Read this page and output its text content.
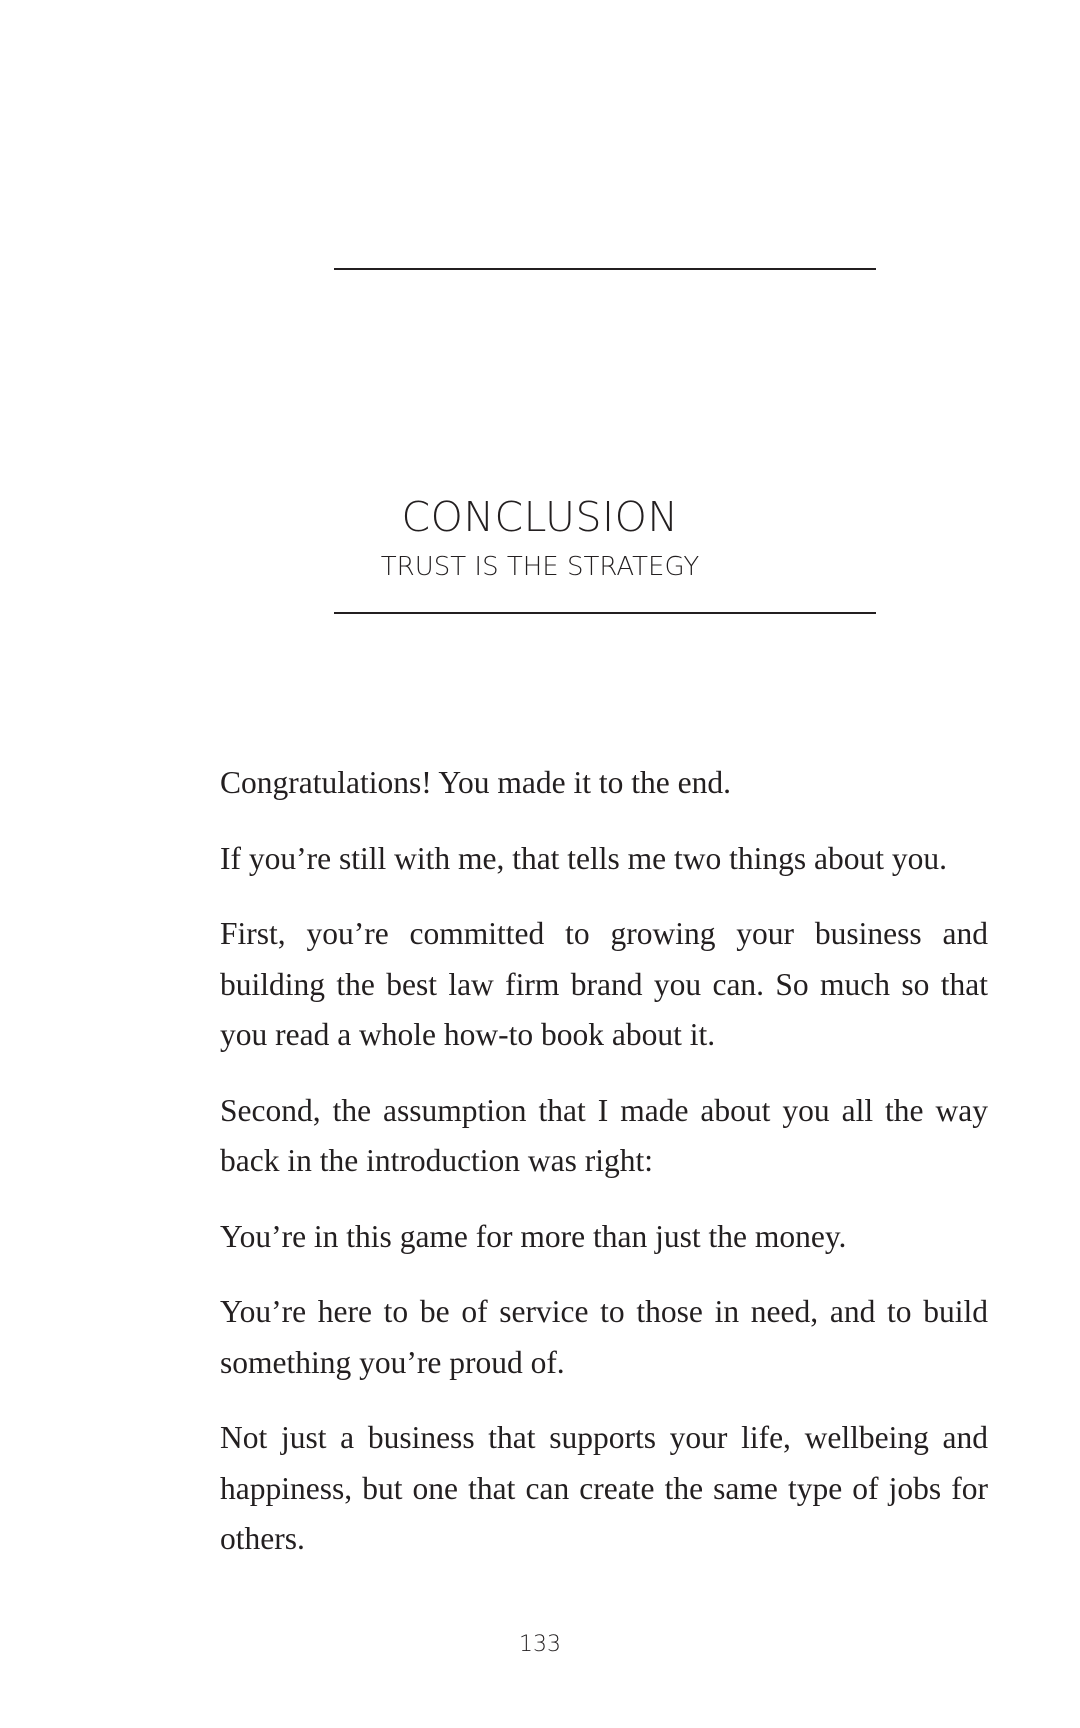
CONCLUSION
TRUST IS THE STRATEGY

Congratulations! You made it to the end.

If you’re still with me, that tells me two things about you.

First, you’re committed to growing your business and building the best law firm brand you can. So much so that you read a whole how-to book about it.

Second, the assumption that I made about you all the way back in the introduction was right:

You’re in this game for more than just the money.

You’re here to be of service to those in need, and to build something you’re proud of.

Not just a business that supports your life, wellbeing and happiness, but one that can create the same type of jobs for others.

133
